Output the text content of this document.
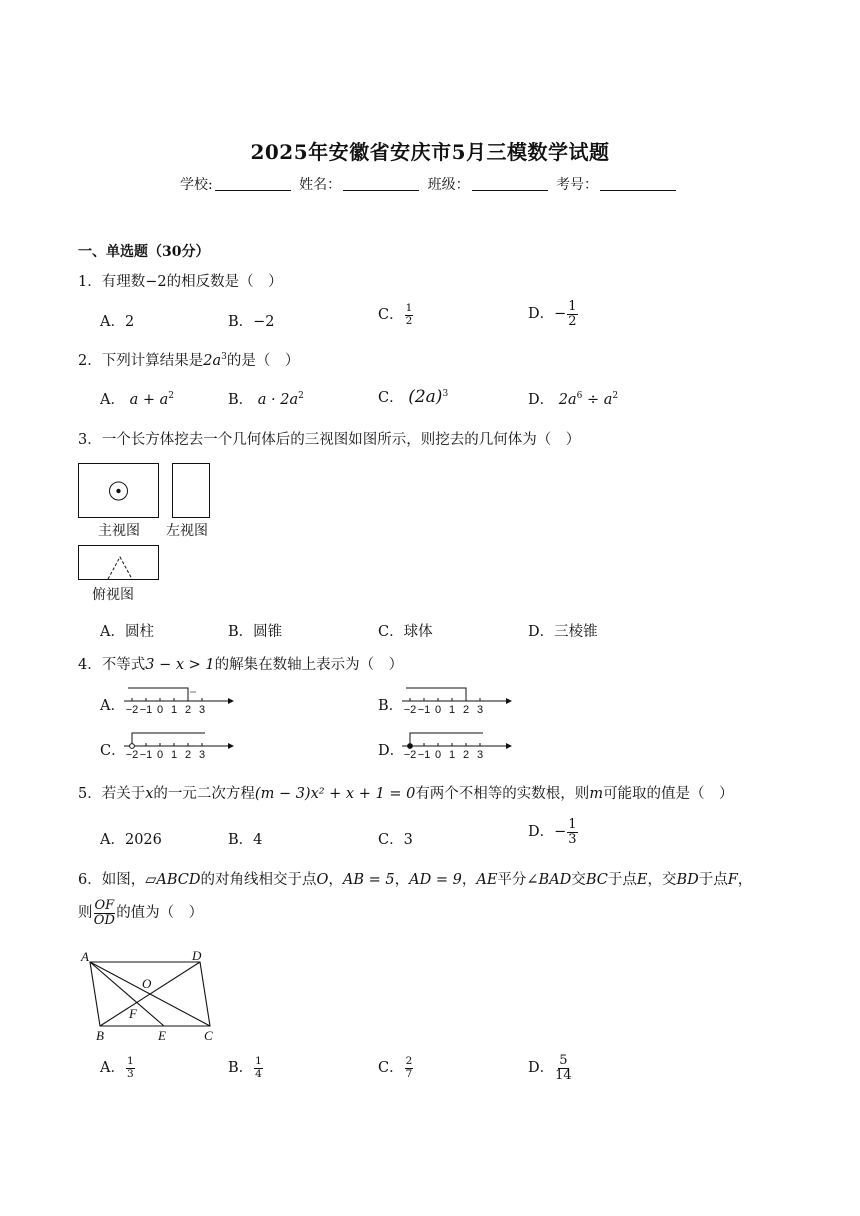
2025年安徽省安庆市5月三模数学试题
学校:	姓名：	班级：	考号：
一、单选题（30分）
1．有理数−2的相反数是（　）
A．2	B．−2	C． $\frac{1}{2}$	D．− $\frac{1}{2}$
2．下列计算结果是$2a^3$的是（　）
A． $a + a^2$	B． $a \cdot 2a^2$	C． $(2a)^3$	D． $2a^6 \div a^2$
3．一个长方体挖去一个几何体后的三视图如图所示，则挖去的几何体为（　）
主视图 左视图
俯视图
A．圆柱	B．圆锥	C．球体	D．三棱锥
4．不等式3 − x > 1的解集在数轴上表示为（　）
A．	B．
C．	D．
−2 −1 0 1 2 3	−2 −1 0 1 2 3
−2 −1 0 1 2 3	−2 −1 0 1 2 3
5．若关于x的一元二次方程(m − 3)x² + x + 1 = 0有两个不相等的实数根，则m可能取的值是（　）
A．2026	B．4	C．3	D．− $\frac{1}{3}$
6．如图，▱ABCD的对角线相交于点O，AB = 5，AD = 9，AE平分∠BAD交BC于点E，交BD于点F，
则 $\frac{OF}{OD}$ 的值为（　）
A	D
O
F
B	E	C
A． $\frac{1}{3}$	B． $\frac{1}{4}$	C． $\frac{2}{7}$	D． $\frac{5}{14}$
